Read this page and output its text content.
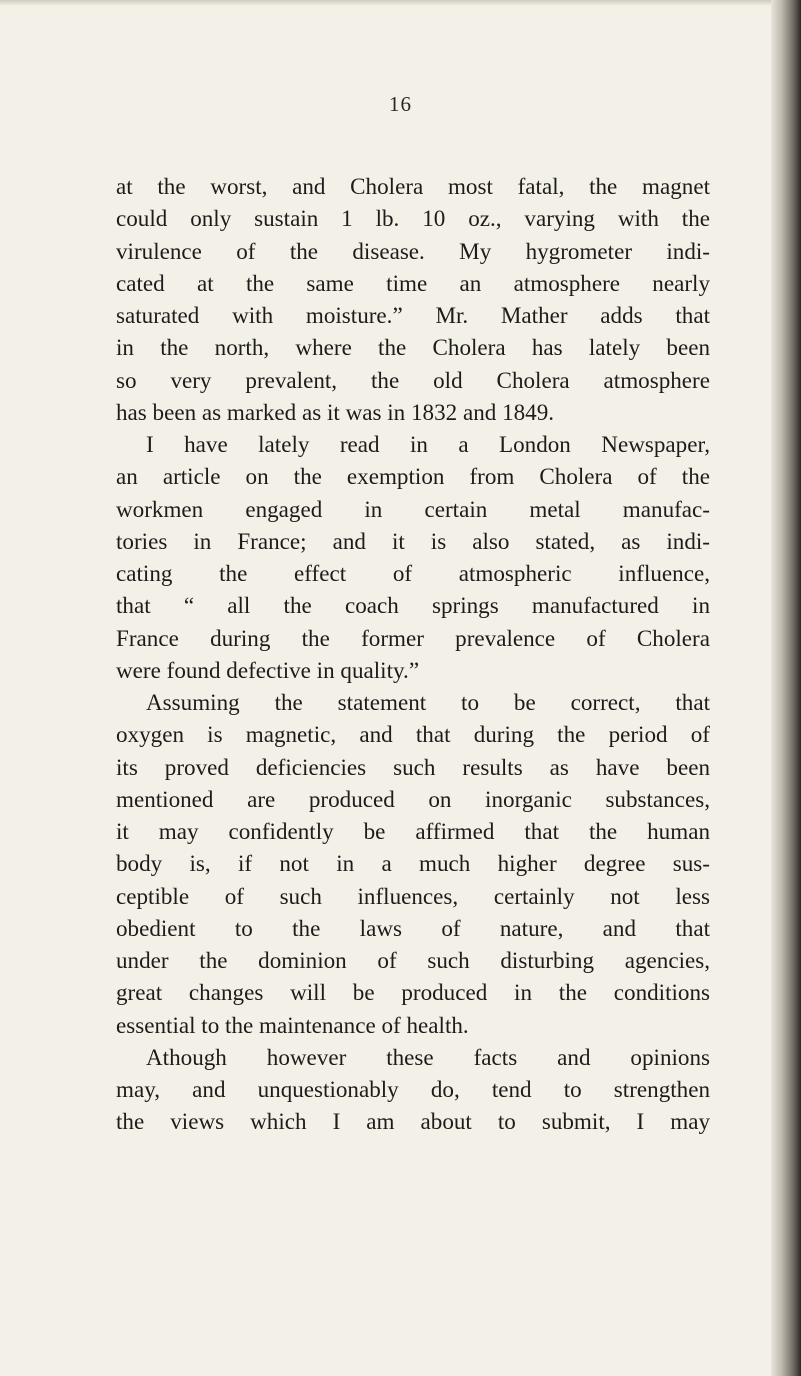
16
at the worst, and Cholera most fatal, the magnet
could only sustain 1 lb. 10 oz., varying with the
virulence of the disease. My hygrometer indi-
cated at the same time an atmosphere nearly
saturated with moisture.” Mr. Mather adds that
in the north, where the Cholera has lately been
so very prevalent, the old Cholera atmosphere
has been as marked as it was in 1832 and 1849.
I have lately read in a London Newspaper,
an article on the exemption from Cholera of the
workmen engaged in certain metal manufac-
tories in France; and it is also stated, as indi-
cating the effect of atmospheric influence,
that “ all the coach springs manufactured in
France during the former prevalence of Cholera
were found defective in quality.”
Assuming the statement to be correct, that
oxygen is magnetic, and that during the period of
its proved deficiencies such results as have been
mentioned are produced on inorganic substances,
it may confidently be affirmed that the human
body is, if not in a much higher degree sus-
ceptible of such influences, certainly not less
obedient to the laws of nature, and that
under the dominion of such disturbing agencies,
great changes will be produced in the conditions
essential to the maintenance of health.
Athough however these facts and opinions
may, and unquestionably do, tend to strengthen
the views which I am about to submit, I may
